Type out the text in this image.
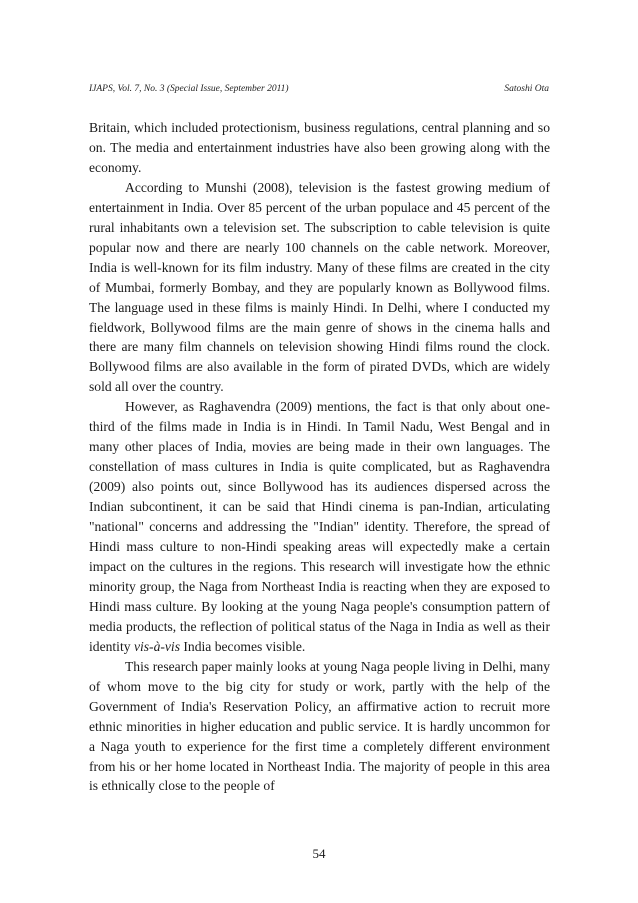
IJAPS, Vol. 7, No. 3 (Special Issue, September 2011)	Satoshi Ota

Britain, which included protectionism, business regulations, central planning and so on. The media and entertainment industries have also been growing along with the economy.

According to Munshi (2008), television is the fastest growing medium of entertainment in India. Over 85 percent of the urban populace and 45 percent of the rural inhabitants own a television set. The subscription to cable television is quite popular now and there are nearly 100 channels on the cable network. Moreover, India is well-known for its film industry. Many of these films are created in the city of Mumbai, formerly Bombay, and they are popularly known as Bollywood films. The language used in these films is mainly Hindi. In Delhi, where I conducted my fieldwork, Bollywood films are the main genre of shows in the cinema halls and there are many film channels on television showing Hindi films round the clock. Bollywood films are also available in the form of pirated DVDs, which are widely sold all over the country.

However, as Raghavendra (2009) mentions, the fact is that only about one-third of the films made in India is in Hindi. In Tamil Nadu, West Bengal and in many other places of India, movies are being made in their own languages. The constellation of mass cultures in India is quite complicated, but as Raghavendra (2009) also points out, since Bollywood has its audiences dispersed across the Indian subcontinent, it can be said that Hindi cinema is pan-Indian, articulating "national" concerns and addressing the "Indian" identity. Therefore, the spread of Hindi mass culture to non-Hindi speaking areas will expectedly make a certain impact on the cultures in the regions. This research will investigate how the ethnic minority group, the Naga from Northeast India is reacting when they are exposed to Hindi mass culture. By looking at the young Naga people's consumption pattern of media products, the reflection of political status of the Naga in India as well as their identity vis-à-vis India becomes visible.

This research paper mainly looks at young Naga people living in Delhi, many of whom move to the big city for study or work, partly with the help of the Government of India's Reservation Policy, an affirmative action to recruit more ethnic minorities in higher education and public service. It is hardly uncommon for a Naga youth to experience for the first time a completely different environment from his or her home located in Northeast India. The majority of people in this area is ethnically close to the people of

54
